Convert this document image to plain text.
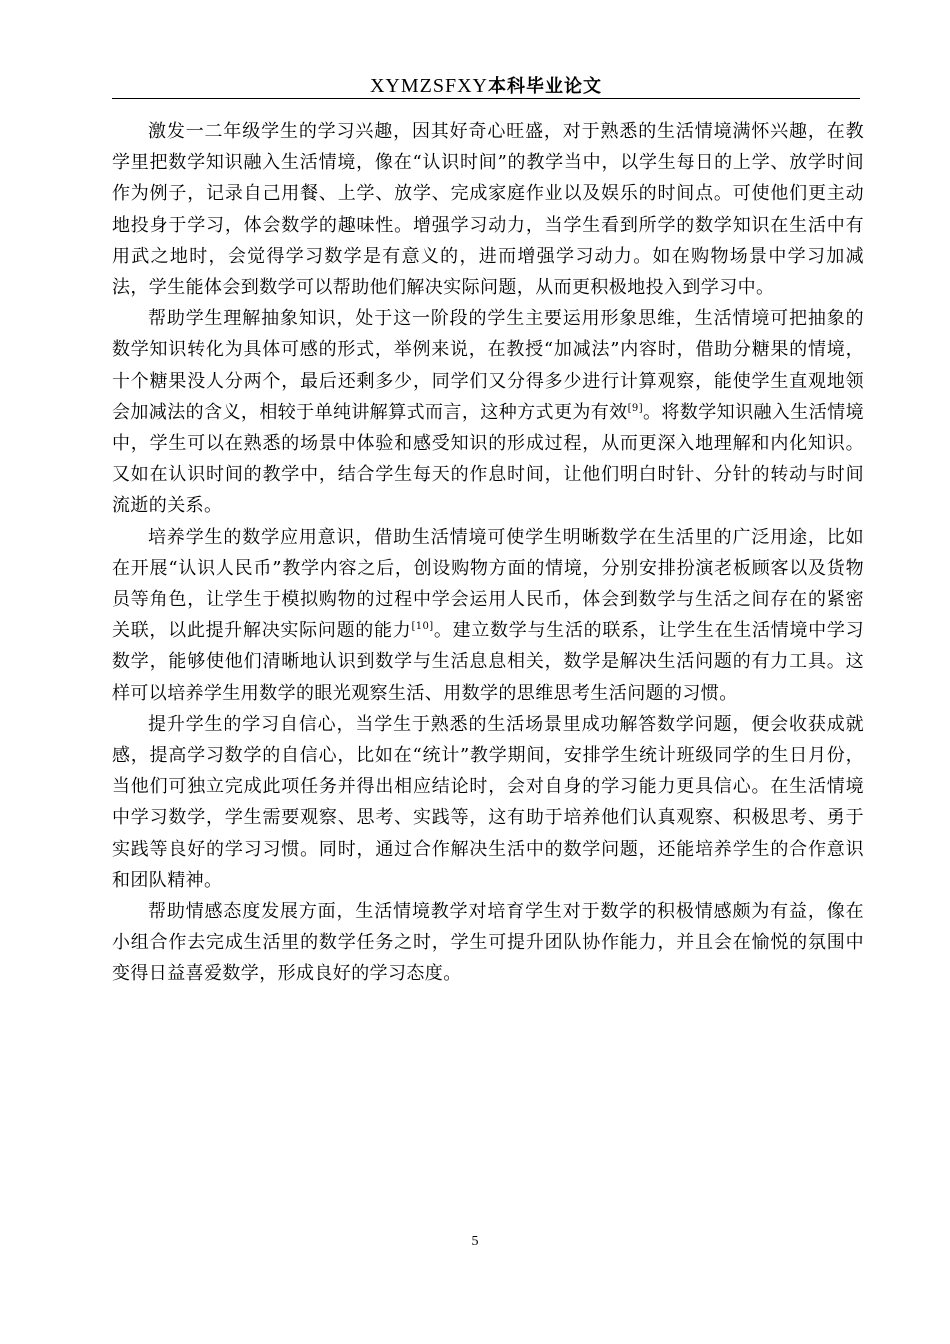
XYMZSFXY本科毕业论文

激发一二年级学生的学习兴趣，因其好奇心旺盛，对于熟悉的生活情境满怀兴趣，在教学里把数学知识融入生活情境，像在“认识时间”的教学当中，以学生每日的上学、放学时间作为例子，记录自己用餐、上学、放学、完成家庭作业以及娱乐的时间点。可使他们更主动地投身于学习，体会数学的趣味性。增强学习动力，当学生看到所学的数学知识在生活中有用武之地时，会觉得学习数学是有意义的，进而增强学习动力。如在购物场景中学习加减法，学生能体会到数学可以帮助他们解决实际问题，从而更积极地投入到学习中。

帮助学生理解抽象知识，处于这一阶段的学生主要运用形象思维，生活情境可把抽象的数学知识转化为具体可感的形式，举例来说，在教授“加减法”内容时，借助分糖果的情境，十个糖果没人分两个，最后还剩多少，同学们又分得多少进行计算观察，能使学生直观地领会加减法的含义，相较于单纯讲解算式而言，这种方式更为有效[9]。将数学知识融入生活情境中，学生可以在熟悉的场景中体验和感受知识的形成过程，从而更深入地理解和内化知识。又如在认识时间的教学中，结合学生每天的作息时间，让他们明白时针、分针的转动与时间流逝的关系。

培养学生的数学应用意识，借助生活情境可使学生明晰数学在生活里的广泛用途，比如在开展“认识人民币”教学内容之后，创设购物方面的情境，分别安排扮演老板顾客以及货物员等角色，让学生于模拟购物的过程中学会运用人民币，体会到数学与生活之间存在的紧密关联，以此提升解决实际问题的能力[10]。建立数学与生活的联系，让学生在生活情境中学习数学，能够使他们清晰地认识到数学与生活息息相关，数学是解决生活问题的有力工具。这样可以培养学生用数学的眼光观察生活、用数学的思维思考生活问题的习惯。

提升学生的学习自信心，当学生于熟悉的生活场景里成功解答数学问题，便会收获成就感，提高学习数学的自信心，比如在“统计”教学期间，安排学生统计班级同学的生日月份，当他们可独立完成此项任务并得出相应结论时，会对自身的学习能力更具信心。在生活情境中学习数学，学生需要观察、思考、实践等，这有助于培养他们认真观察、积极思考、勇于实践等良好的学习习惯。同时，通过合作解决生活中的数学问题，还能培养学生的合作意识和团队精神。

帮助情感态度发展方面，生活情境教学对培育学生对于数学的积极情感颇为有益，像在小组合作去完成生活里的数学任务之时，学生可提升团队协作能力，并且会在愉悦的氛围中变得日益喜爱数学，形成良好的学习态度。

5
